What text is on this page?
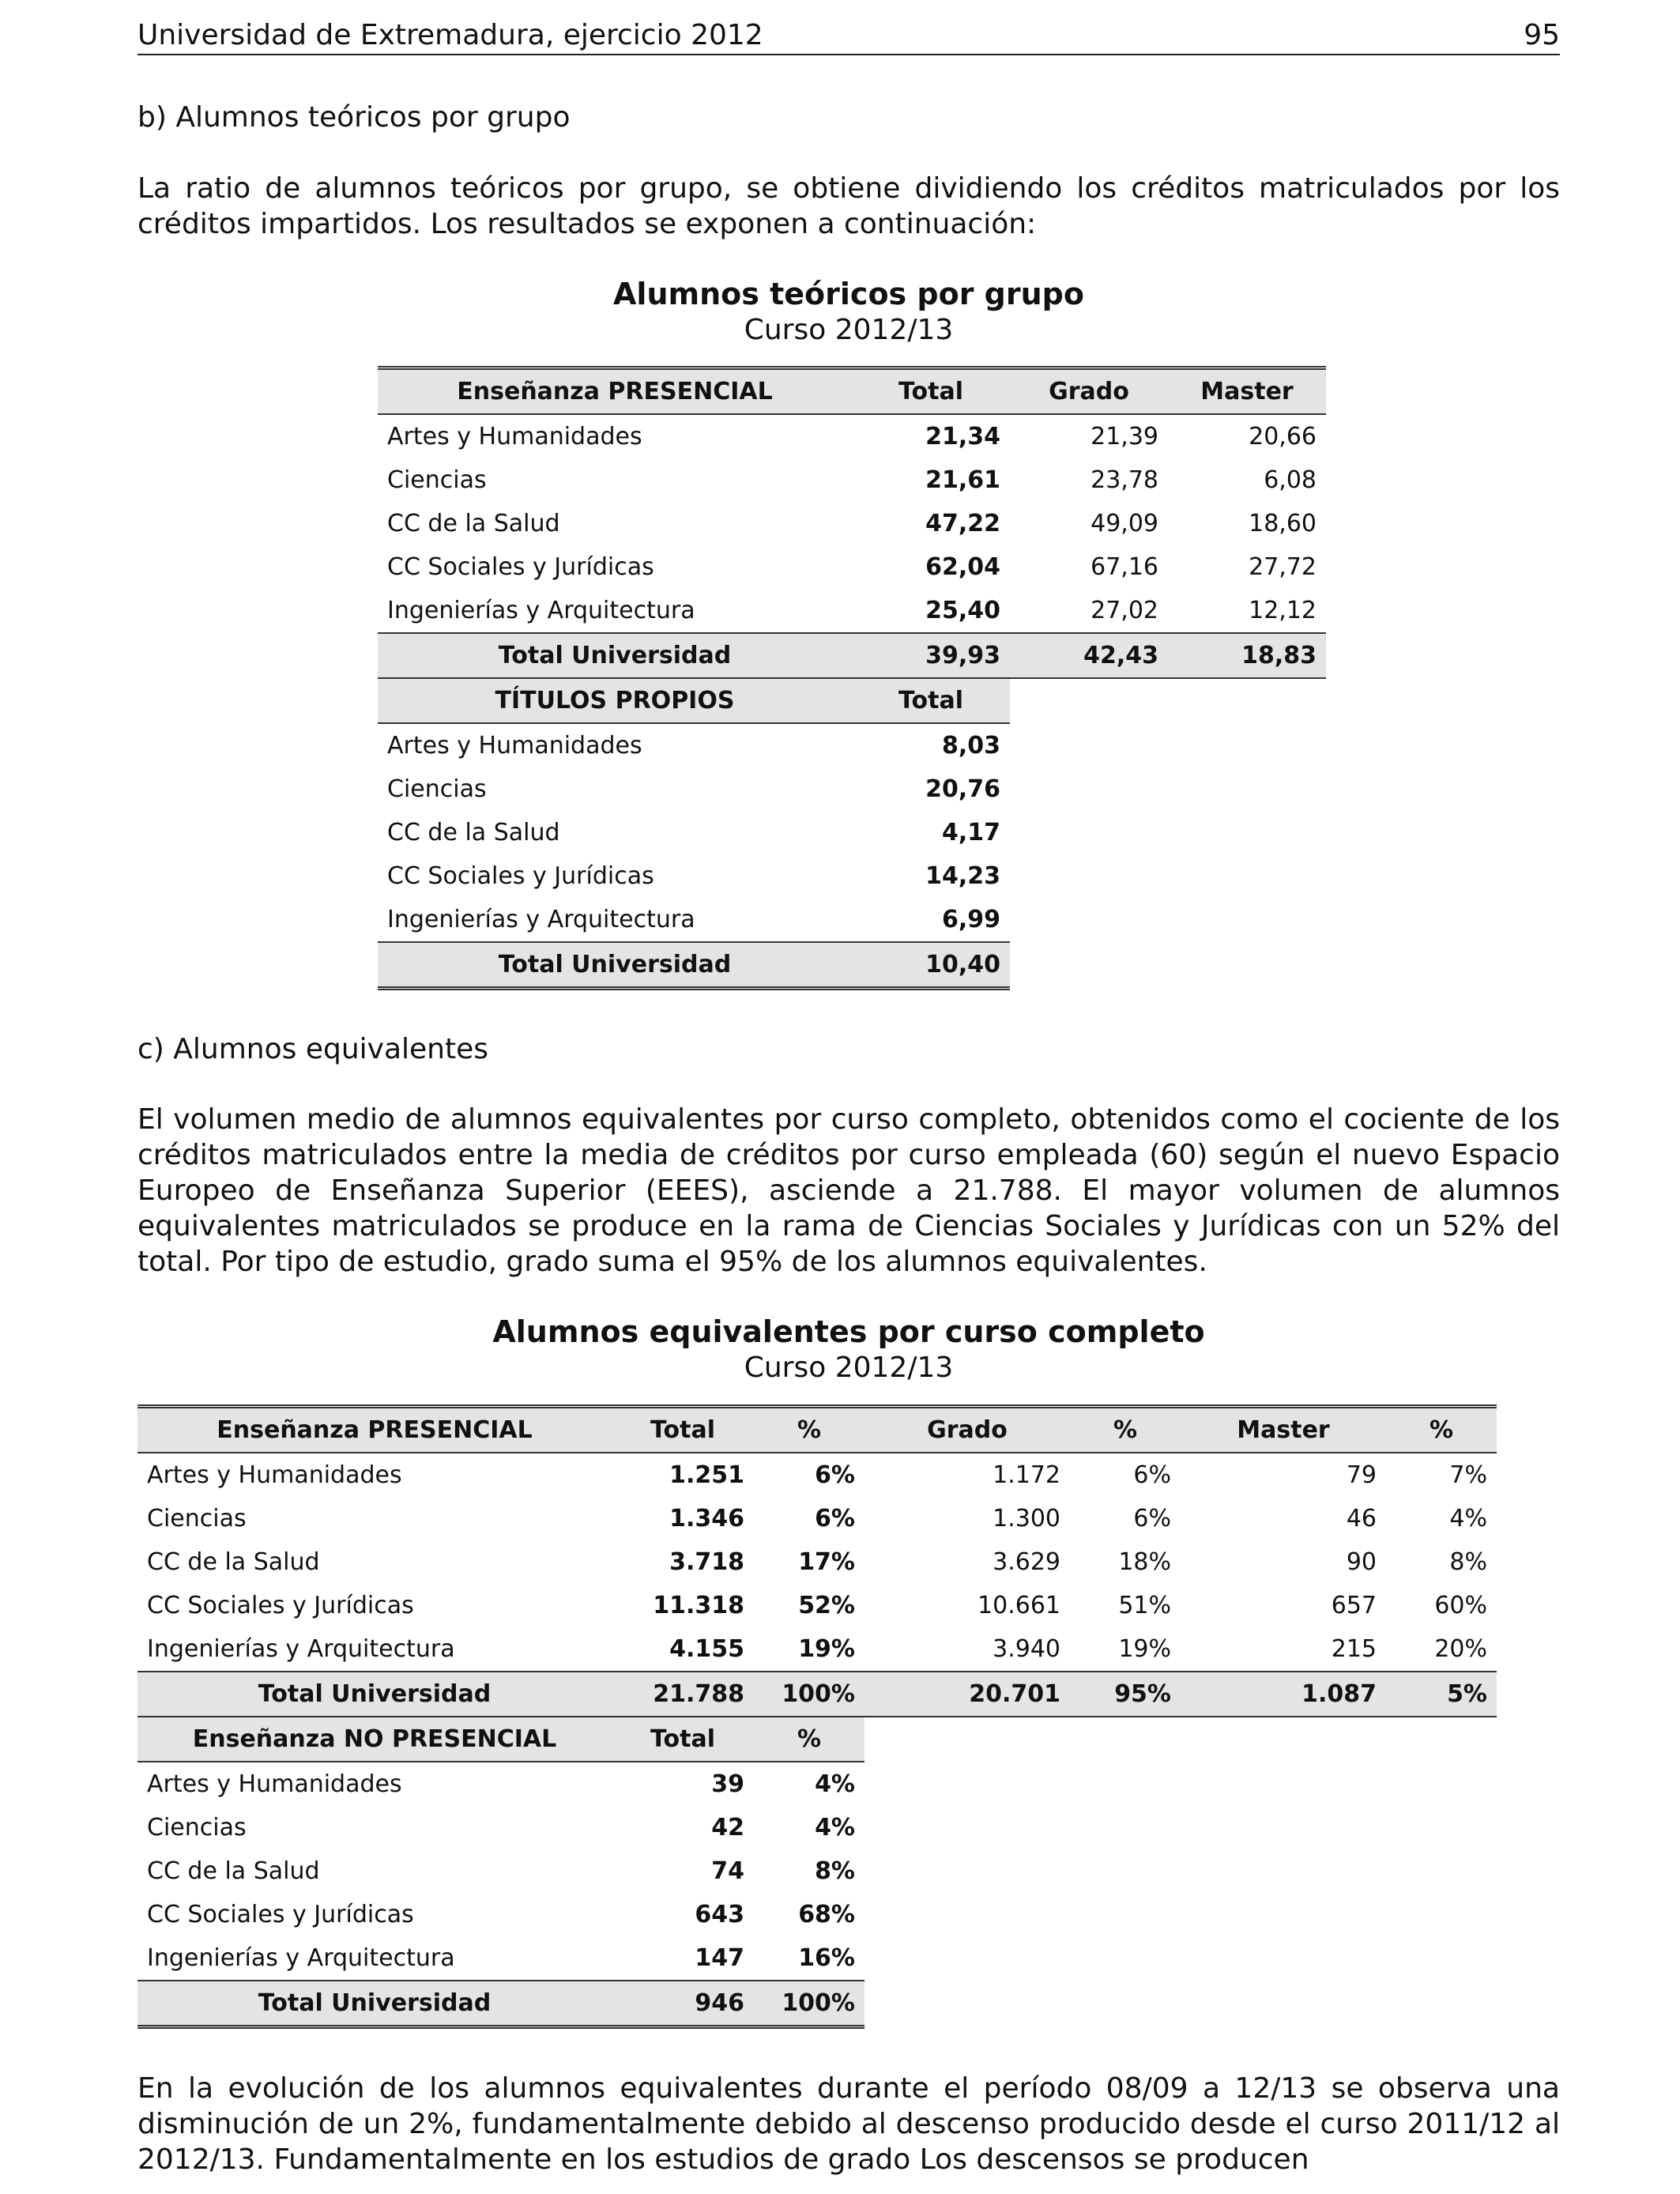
Universidad de Extremadura, ejercicio 2012	95
b) Alumnos teóricos por grupo

La ratio de alumnos teóricos por grupo, se obtiene dividiendo los créditos matriculados por los créditos impartidos. Los resultados se exponen a continuación:

Alumnos teóricos por grupo
Curso 2012/13
Enseñanza PRESENCIAL	Total	Grado	Master
Artes y Humanidades	21,34	21,39	20,66
Ciencias	21,61	23,78	6,08
CC de la Salud	47,22	49,09	18,60
CC Sociales y Jurídicas	62,04	67,16	27,72
Ingenierías y Arquitectura	25,40	27,02	12,12
Total Universidad	39,93	42,43	18,83
TÍTULOS PROPIOS	Total		
Artes y Humanidades	8,03		
Ciencias	20,76		
CC de la Salud	4,17		
CC Sociales y Jurídicas	14,23		
Ingenierías y Arquitectura	6,99		
Total Universidad	10,40		
c) Alumnos equivalentes

El volumen medio de alumnos equivalentes por curso completo, obtenidos como el cociente de los créditos matriculados entre la media de créditos por curso empleada (60) según el nuevo Espacio Europeo de Enseñanza Superior (EEES), asciende a 21.788. El mayor volumen de alumnos equivalentes matriculados se produce en la rama de Ciencias Sociales y Jurídicas con un 52% del total. Por tipo de estudio, grado suma el 95% de los alumnos equivalentes.

Alumnos equivalentes por curso completo
Curso 2012/13
Enseñanza PRESENCIAL	Total	%	Grado	%	Master	%
Artes y Humanidades	1.251	6%	1.172	6%	79	7%
Ciencias	1.346	6%	1.300	6%	46	4%
CC de la Salud	3.718	17%	3.629	18%	90	8%
CC Sociales y Jurídicas	11.318	52%	10.661	51%	657	60%
Ingenierías y Arquitectura	4.155	19%	3.940	19%	215	20%
Total Universidad	21.788	100%	20.701	95%	1.087	5%
Enseñanza NO PRESENCIAL	Total	%				
Artes y Humanidades	39	4%				
Ciencias	42	4%				
CC de la Salud	74	8%				
CC Sociales y Jurídicas	643	68%				
Ingenierías y Arquitectura	147	16%				
Total Universidad	946	100%				

En la evolución de los alumnos equivalentes durante el período 08/09 a 12/13 se observa una disminución de un 2%, fundamentalmente debido al descenso producido desde el curso 2011/12 al 2012/13. Fundamentalmente en los estudios de grado Los descensos se producen
